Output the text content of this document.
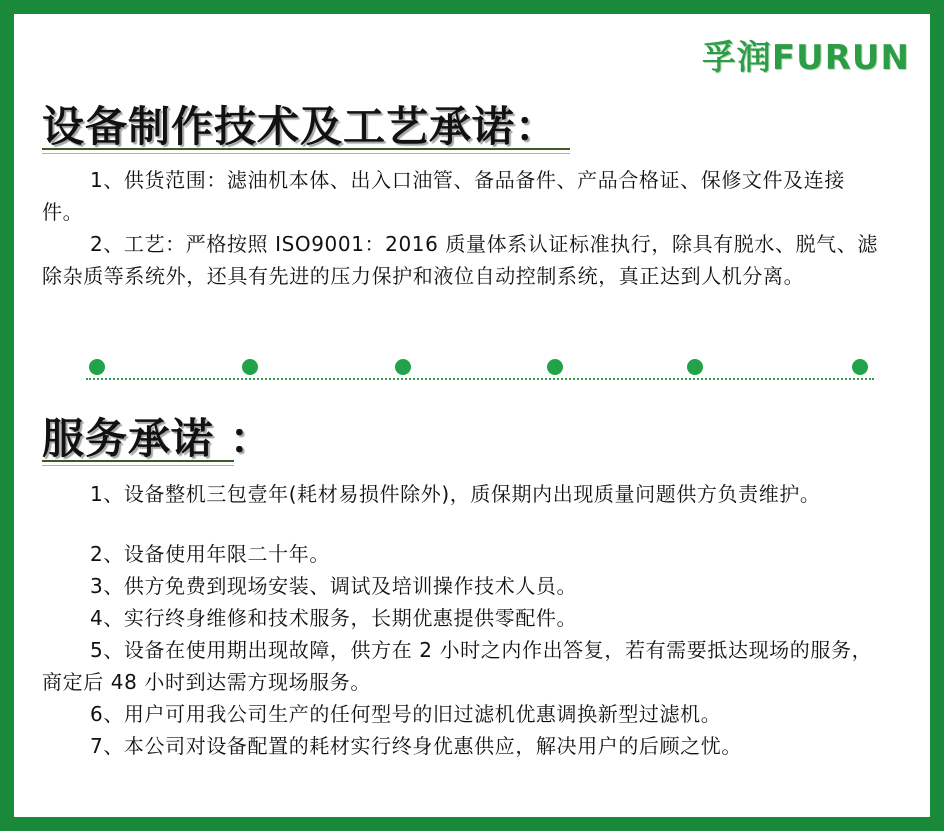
孚润FURUN
设备制作技术及工艺承诺：
1、供货范围：滤油机本体、出入口油管、备品备件、产品合格证、保修文件及连接件。
2、工艺：严格按照 ISO9001：2016 质量体系认证标准执行，除具有脱水、脱气、滤除杂质等系统外，还具有先进的压力保护和液位自动控制系统，真正达到人机分离。
服务承诺 ：
1、设备整机三包壹年(耗材易损件除外)，质保期内出现质量问题供方负责维护。
2、设备使用年限二十年。
3、供方免费到现场安装、调试及培训操作技术人员。
4、实行终身维修和技术服务，长期优惠提供零配件。
5、设备在使用期出现故障，供方在 2 小时之内作出答复，若有需要抵达现场的服务，商定后 48 小时到达需方现场服务。
6、用户可用我公司生产的任何型号的旧过滤机优惠调换新型过滤机。
7、本公司对设备配置的耗材实行终身优惠供应，解决用户的后顾之忧。
